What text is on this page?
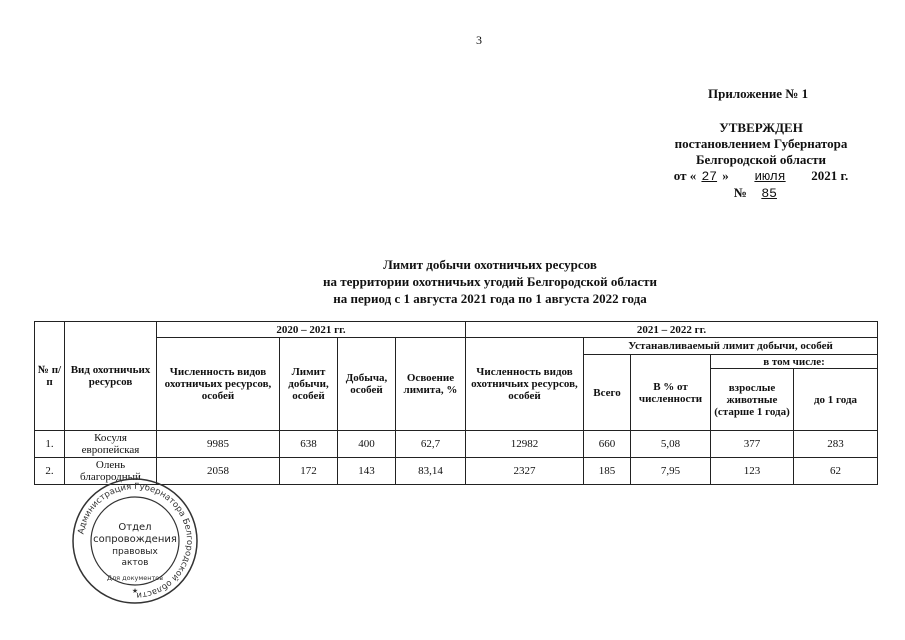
3
Приложение № 1
УТВЕРЖДЕН
постановлением Губернатора
Белгородской области
от « 27 » июля 2021 г.
№ 85
Лимит добычи охотничьих ресурсов
на территории охотничьих угодий Белгородской области
на период с 1 августа 2021 года по 1 августа 2022 года
№ п/п	Вид охотничьих ресурсов	2020 – 2021 гг.				2021 – 2022 гг.				
		Численность видов охотничьих ресурсов, особей	Лимит добычи, особей	Добыча, особей	Освоение лимита, %	Численность видов охотничьих ресурсов, особей	Устанавливаемый лимит добычи, особей			
							Всего	В % от численности	в том числе:	
									взрослые животные (старше 1 года)	до 1 года
1.	Косуля европейская	9985	638	400	62,7	12982	660	5,08	377	283
2.	Олень благородный	2058	172	143	83,14	2327	185	7,95	123	62
Администрация Губернатора Белгородской области
Отдел
сопровождения
правовых
актов
Для документов
★
